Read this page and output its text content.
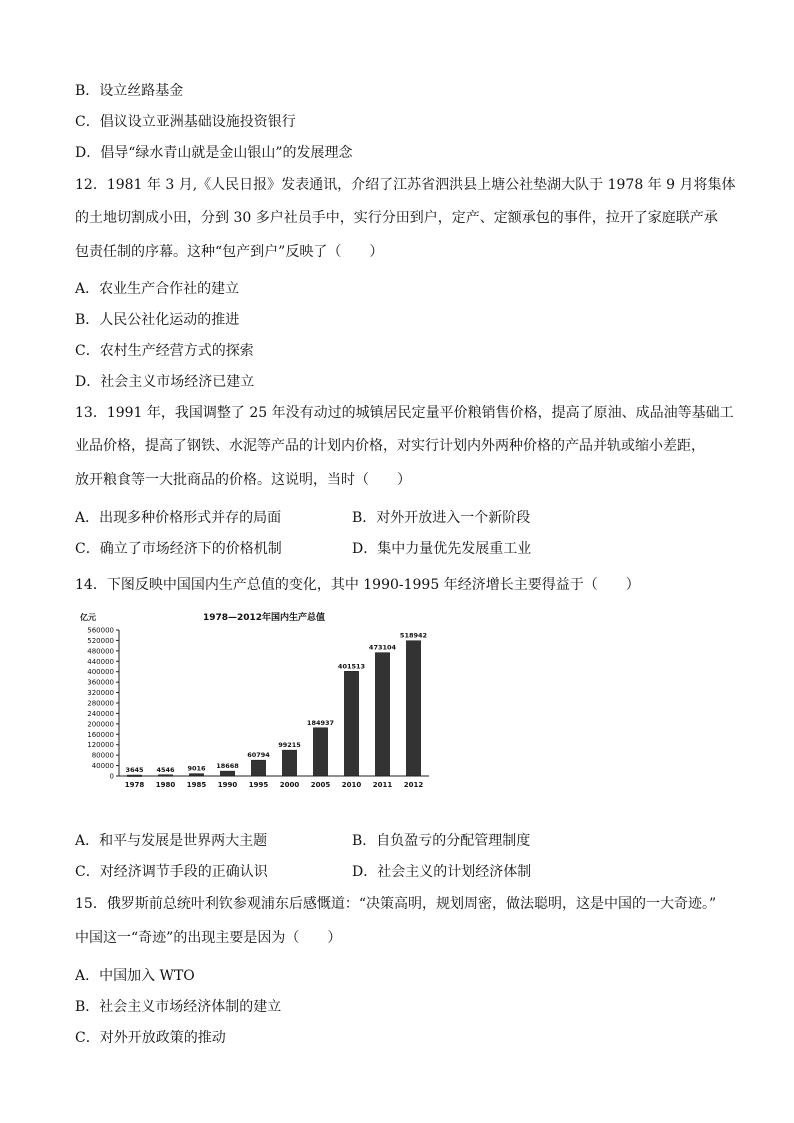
B．设立丝路基金
C．倡议设立亚洲基础设施投资银行
D．倡导“绿水青山就是金山银山”的发展理念
12．1981 年 3 月,《人民日报》发表通讯，介绍了江苏省泗洪县上塘公社垫湖大队于 1978 年 9 月将集体
的土地切割成小田，分到 30 多户社员手中，实行分田到户，定产、定额承包的事件，拉开了家庭联产承
包责任制的序幕。这种“包产到户”反映了（　　）
A．农业生产合作社的建立
B．人民公社化运动的推进
C．农村生产经营方式的探索
D．社会主义市场经济已建立
13．1991 年，我国调整了 25 年没有动过的城镇居民定量平价粮销售价格，提高了原油、成品油等基础工
业品价格，提高了钢铁、水泥等产品的计划内价格，对实行计划内外两种价格的产品并轨或缩小差距，
放开粮食等一大批商品的价格。这说明，当时（　　）
A．出现多种价格形式并存的局面	B．对外开放进入一个新阶段
C．确立了市场经济下的价格机制	D．集中力量优先发展重工业
14．下图反映中国国内生产总值的变化，其中 1990-1995 年经济增长主要得益于（　　）
1978—2012年国内生产总值
亿元
0
40000
80000
120000
160000
200000
240000
280000
320000
360000
400000
440000
480000
520000
560000
3645
1978
4546
1980
9016
1985
18668
1990
60794
1995
99215
2000
184937
2005
401513
2010
473104
2011
518942
2012
A．和平与发展是世界两大主题	B．自负盈亏的分配管理制度
C．对经济调节手段的正确认识	D．社会主义的计划经济体制
15．俄罗斯前总统叶利钦参观浦东后感慨道：“决策高明，规划周密，做法聪明，这是中国的一大奇迹。”
中国这一“奇迹”的出现主要是因为（　　）
A．中国加入 WTO
B．社会主义市场经济体制的建立
C．对外开放政策的推动
